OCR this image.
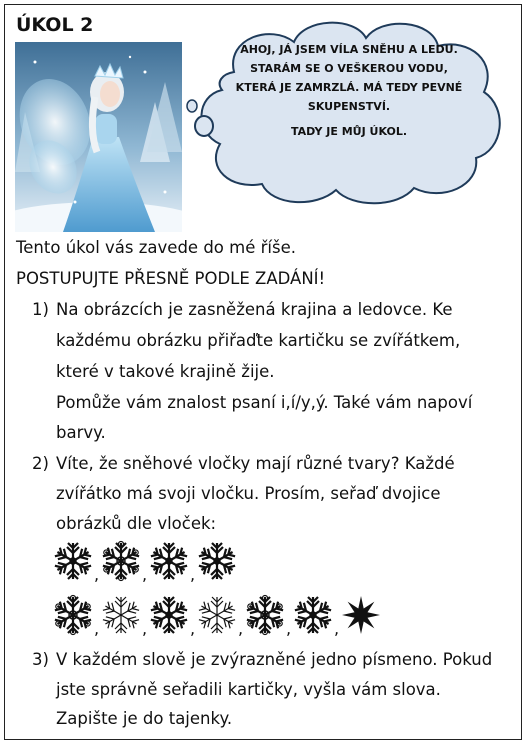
ÚKOL 2

AHOJ, JÁ JSEM VÍLA SNĚHU A LEDU. STARÁM SE O VEŠKEROU VODU, KTERÁ JE ZAMRZLÁ. MÁ TEDY PEVNÉ SKUPENSTVÍ.

TADY JE MŮJ ÚKOL.

Tento úkol vás zavede do mé říše.
POSTUPUJTE PŘESNĚ PODLE ZADÁNÍ!
1) Na obrázcích je zasněžená krajina a ledovce. Ke
každému obrázku přiřaďte kartičku se zvířátkem,
které v takové krajině žije.
Pomůže vám znalost psaní i,í/y,ý. Také vám napoví
barvy.
2) Víte, že sněhové vločky mají různé tvary? Každé
zvířátko má svoji vločku. Prosím, seřaď dvojice
obrázků dle vloček:
,	,	,
,	,	,	,	,	,
3) V každém slově je zvýrazněné jedno písmeno. Pokud
jste správně seřadili kartičky, vyšla vám slova.
Zapište je do tajenky.
